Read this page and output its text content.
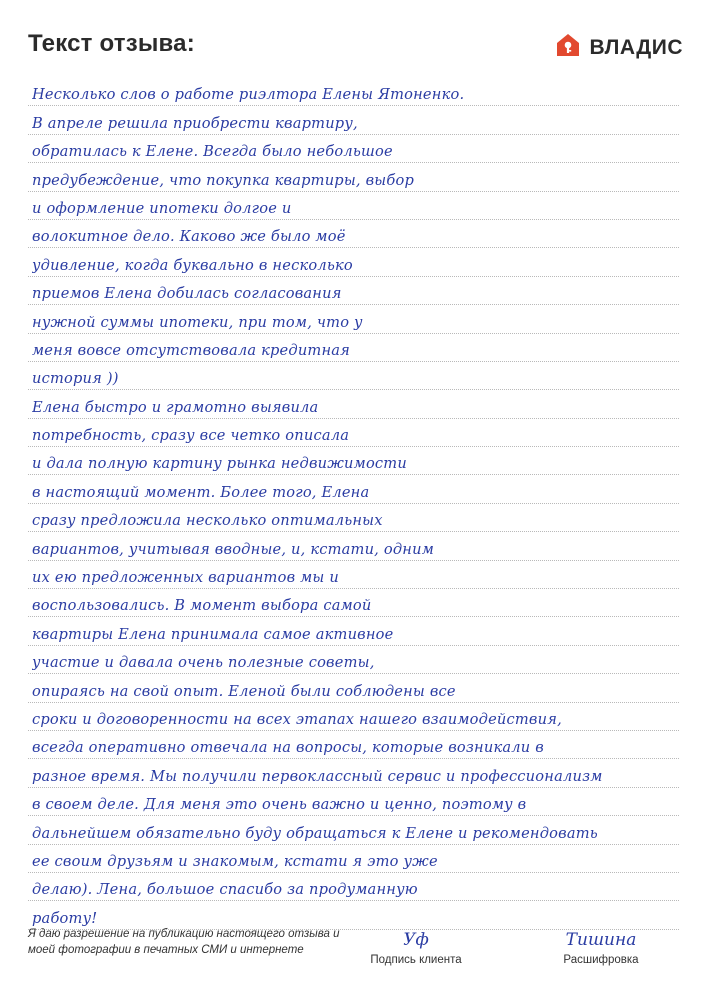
Текст отзыва:	ВЛАДИС
Несколько слов о работе риэлтора Елены Ятоненко.
В апреле решила приобрести квартиру,
обратилась к Елене. Всегда было небольшое
предубеждение, что покупка квартиры, выбор
и оформление ипотеки долгое и
волокитное дело. Каково же было моё
удивление, когда буквально в несколько
приемов Елена добилась согласования
нужной суммы ипотеки, при том, что у
меня вовсе отсутствовала кредитная
история ))
Елена быстро и грамотно выявила
потребность, сразу все четко описала
и дала полную картину рынка недвижимости
в настоящий момент. Более того, Елена
сразу предложила несколько оптимальных
вариантов, учитывая вводные, и, кстати, одним
их ею предложенных вариантов мы и
воспользовались. В момент выбора самой
квартиры Елена принимала самое активное
участие и давала очень полезные советы,
опираясь на свой опыт. Еленой были соблюдены все
сроки и договоренности на всех этапах нашего взаимодействия,
всегда оперативно отвечала на вопросы, которые возникали в
разное время. Мы получили первоклассный сервис и профессионализм
в своем деле. Для меня это очень важно и ценно, поэтому в
дальнейшем обязательно буду обращаться к Елене и рекомендовать
ее своим друзьям и знакомым, кстати я это уже
делаю). Лена, большое спасибо за продуманную
работу!
Я даю разрешение на публикацию настоящего отзыва и моей фотографии в печатных СМИ и интернете	Уф
Подпись клиента
Тишина
Расшифровка
